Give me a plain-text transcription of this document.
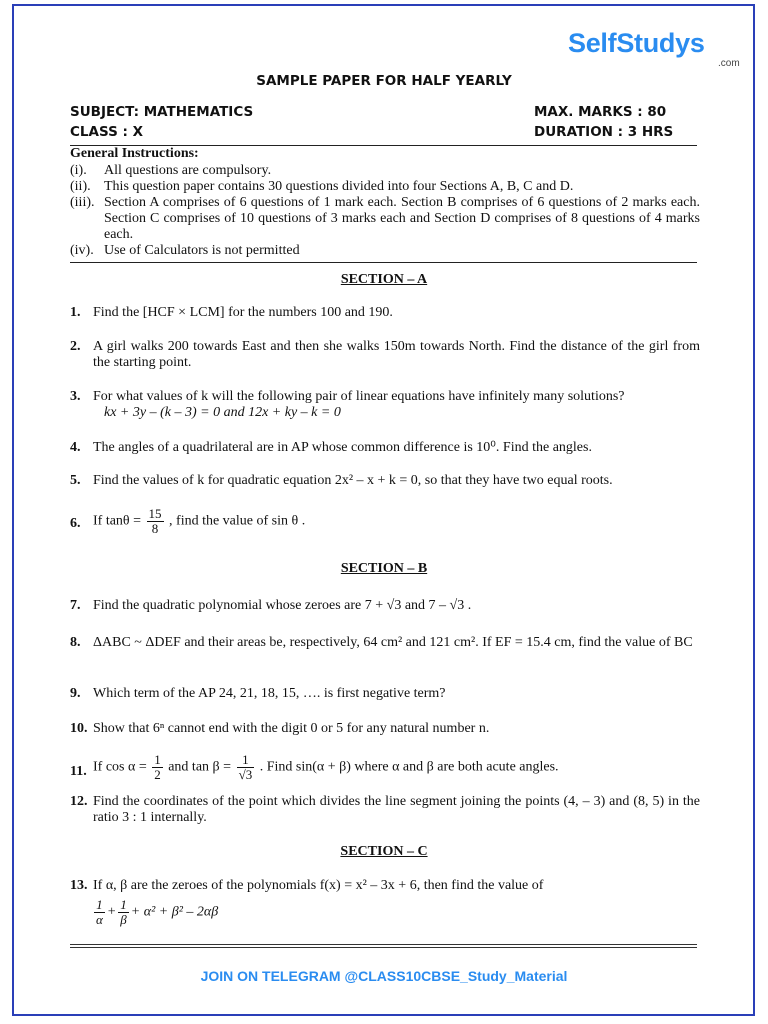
SelfStudys
.com
SAMPLE PAPER FOR HALF YEARLY
SUBJECT: MATHEMATICS
CLASS : X
MAX. MARKS : 80
DURATION : 3 HRS
General Instructions:
(i). All questions are compulsory.
(ii). This question paper contains 30 questions divided into four Sections A, B, C and D.
(iii). Section A comprises of 6 questions of 1 mark each. Section B comprises of 6 questions of 2 marks each. Section C comprises of 10 questions of 3 marks each and Section D comprises of 8 questions of 4 marks each.
(iv). Use of Calculators is not permitted
SECTION – A
1. Find the [HCF × LCM] for the numbers 100 and 190.
2. A girl walks 200 towards East and then she walks 150m towards North. Find the distance of the girl from the starting point.
3. For what values of k will the following pair of linear equations have infinitely many solutions?
kx + 3y – (k – 3) = 0 and 12x + ky – k = 0
4. The angles of a quadrilateral are in AP whose common difference is 10⁰. Find the angles.
5. Find the values of k for quadratic equation 2x² – x + k = 0, so that they have two equal roots.
6. If $\tan\theta = \frac{15}{8}$ , find the value of sin θ .
SECTION – B
7. Find the quadratic polynomial whose zeroes are 7 + √3 and 7 – √3 .
8. ΔABC ~ ΔDEF and their areas be, respectively, 64 cm² and 121 cm². If EF = 15.4 cm, find the value of BC
9. Which term of the AP 24, 21, 18, 15, …. is first negative term?
10. Show that 6ⁿ cannot end with the digit 0 or 5 for any natural number n.
11. If $\cos \alpha = \frac{1}{2}$ and $\tan \beta = \frac{1}{√3}$ . Find sin(α + β) where α and β are both acute angles.
12. Find the coordinates of the point which divides the line segment joining the points (4, – 3) and (8, 5) in the ratio 3 : 1 internally.
SECTION – C
13. If α, β are the zeroes of the polynomials f(x) = x² – 3x + 6, then find the value of
$\frac{1}{\alpha} + \frac{1}{\beta} + \alpha^2 + \beta^2 - 2\alpha\beta$
JOIN ON TELEGRAM @CLASS10CBSE_Study_Material
